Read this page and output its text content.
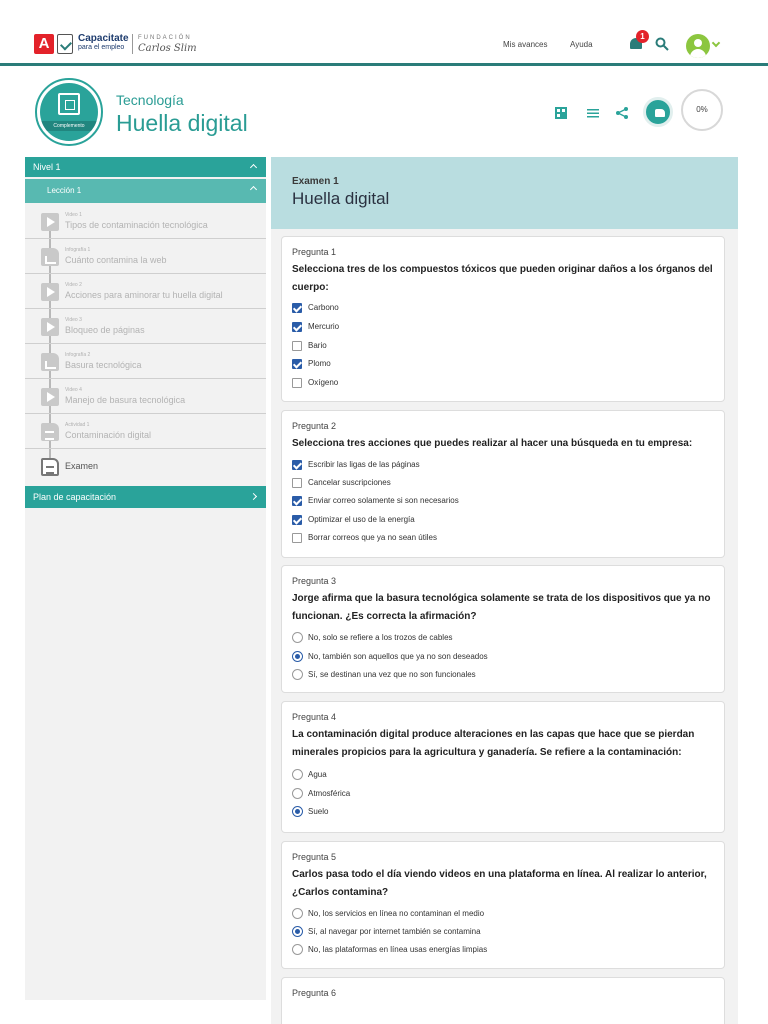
A	Capacitate
para el empleo
FUNDACIÓN
Carlos Slim	Mis avances	Ayuda
1
Complemento
Tecnología
Huella digital
0%
Nivel 1
Lección 1
Video 1
Tipos de contaminación tecnológica
Infografía 1
Cuánto contamina la web
Video 2
Acciones para aminorar tu huella digital
Video 3
Bloqueo de páginas
Infografía 2
Basura tecnológica
Video 4
Manejo de basura tecnológica
Actividad 1
Contaminación digital
Examen
Plan de capacitación
Examen 1
Huella digital
Pregunta 1
Selecciona tres de los compuestos tóxicos que pueden originar daños a los órganos del cuerpo:
Carbono
Mercurio
Bario
Plomo
Oxígeno
Pregunta 2
Selecciona tres acciones que puedes realizar al hacer una búsqueda en tu empresa:
Escribir las ligas de las páginas
Cancelar suscripciones
Enviar correo solamente si son necesarios
Optimizar el uso de la energía
Borrar correos que ya no sean útiles
Pregunta 3
Jorge afirma que la basura tecnológica solamente se trata de los dispositivos que ya no funcionan. ¿Es correcta la afirmación?
No, solo se refiere a los trozos de cables
No, también son aquellos que ya no son deseados
Sí, se destinan una vez que no son funcionales
Pregunta 4
La contaminación digital produce alteraciones en las capas que hace que se pierdan minerales propicios para la agricultura y ganadería. Se refiere a la contaminación:
Agua
Atmosférica
Suelo
Pregunta 5
Carlos pasa todo el día viendo videos en una plataforma en línea. Al realizar lo anterior, ¿Carlos contamina?
No, los servicios en línea no contaminan el medio
Sí, al navegar por internet también se contamina
No, las plataformas en línea usas energías limpias
Pregunta 6
